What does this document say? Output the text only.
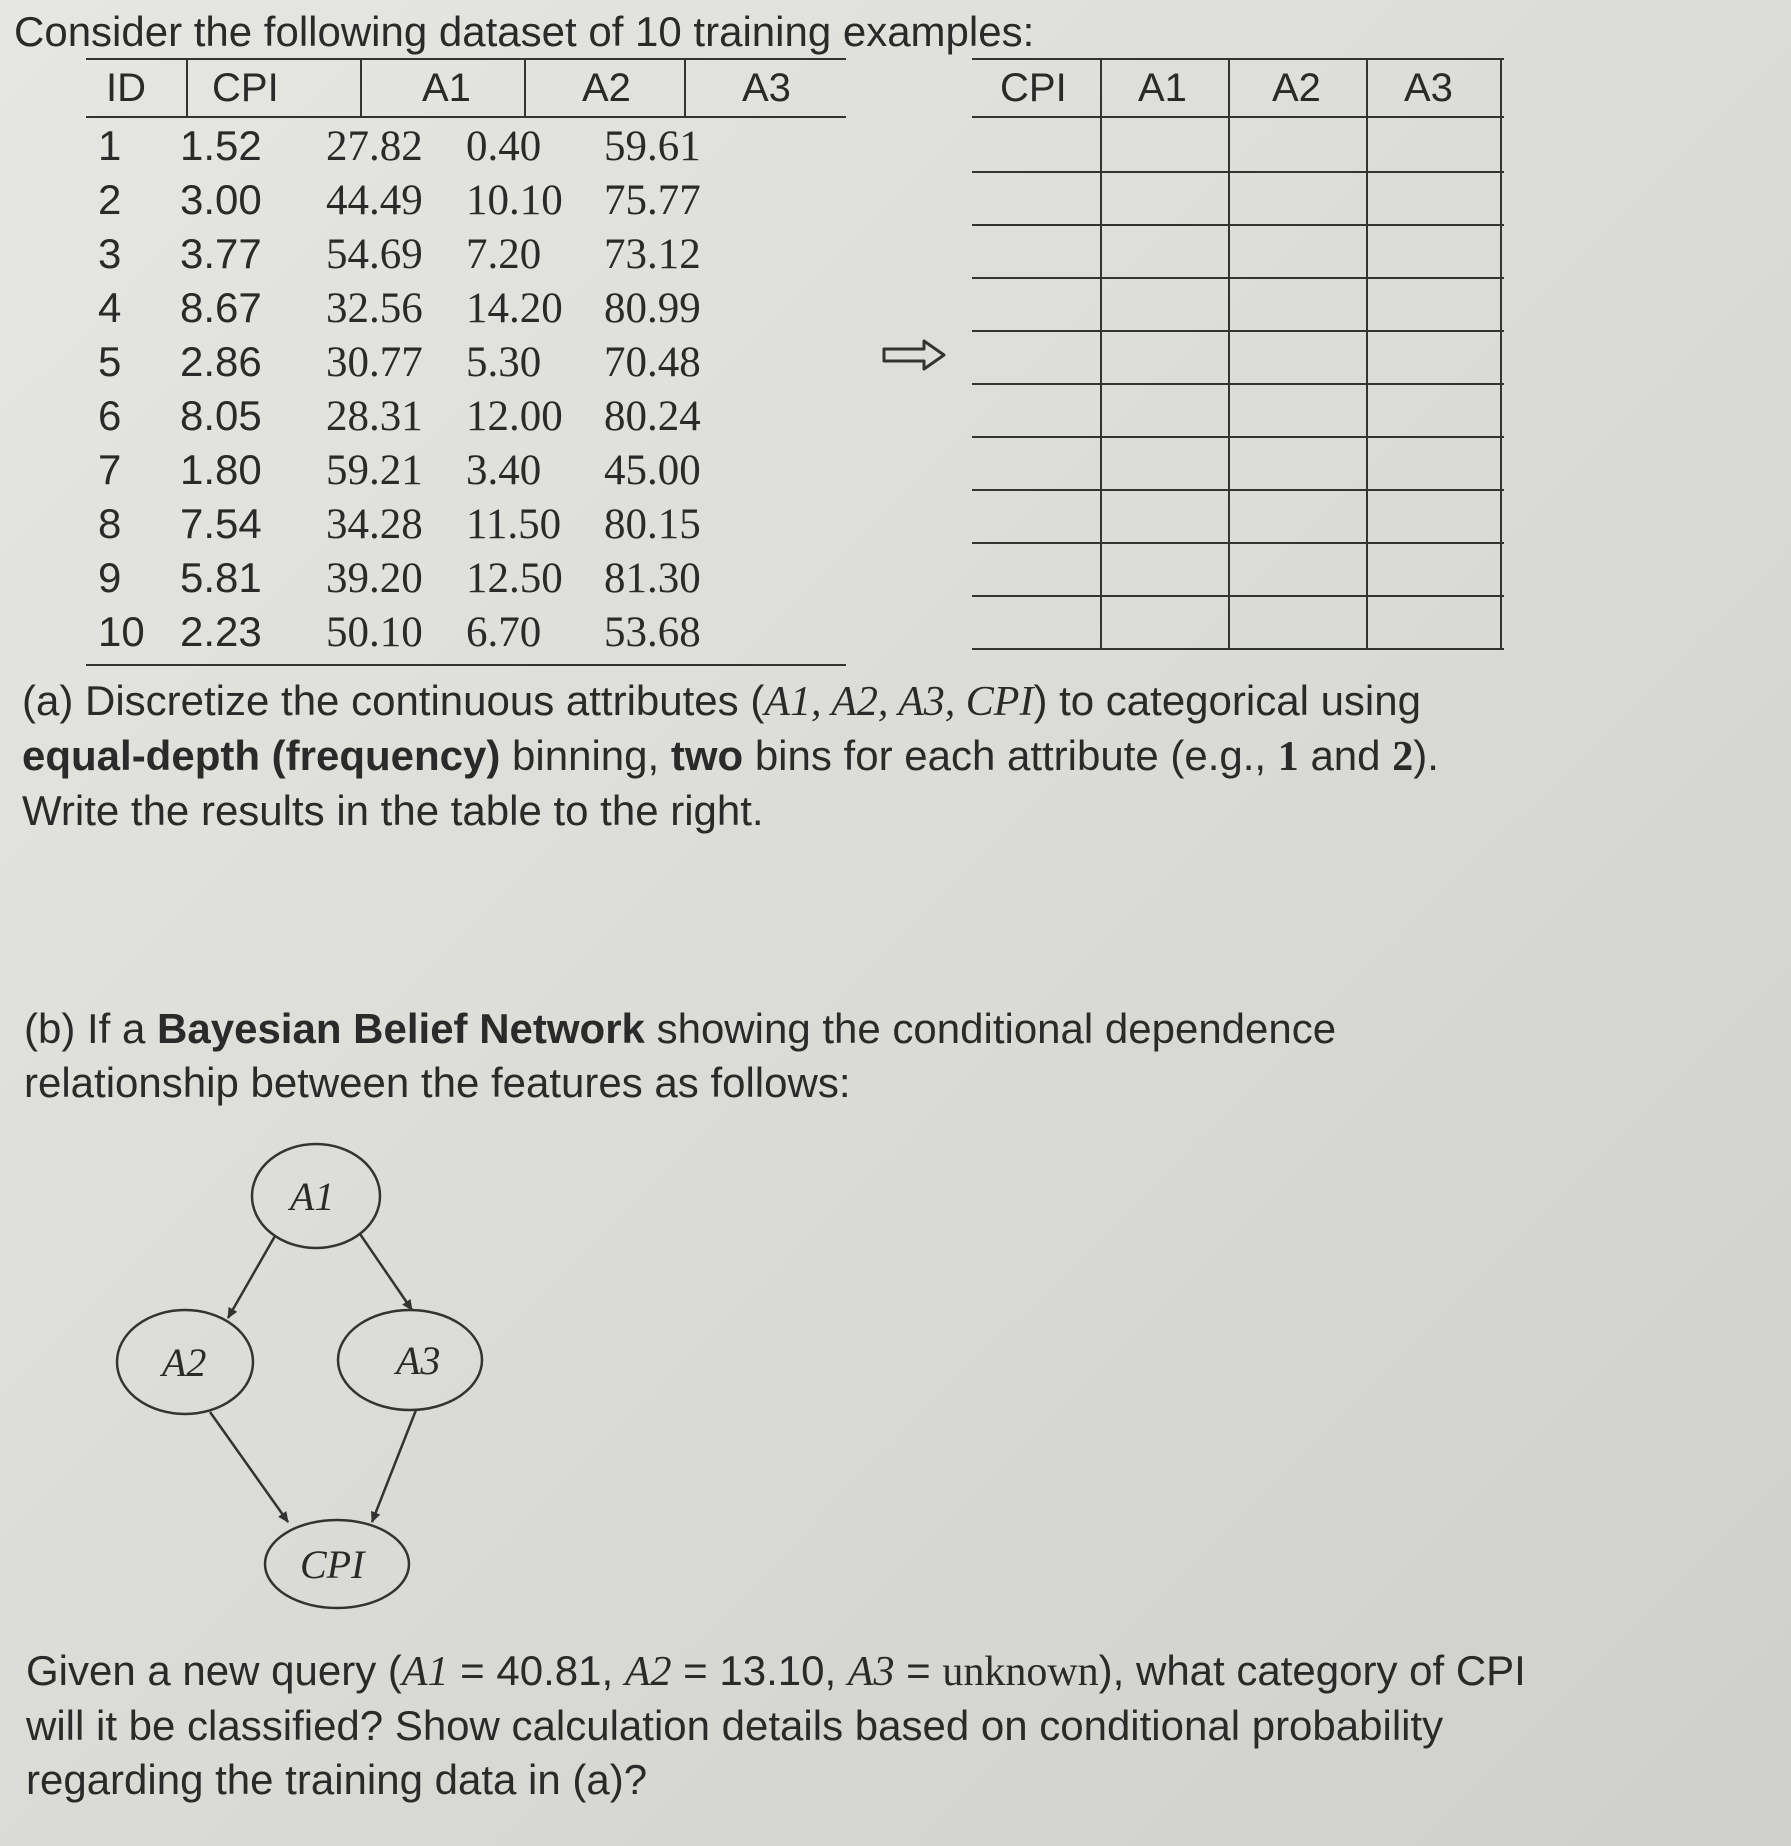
Consider the following dataset of 10 training examples:
ID CPI	A1	A2	A3
1 1.52 27.82 0.40 59.61
2 3.00 44.49 10.10 75.77
3 3.77 54.69 7.20 73.12
4 8.67 32.56 14.20 80.99
5 2.86 30.77 5.30 70.48
6 8.05 28.31 12.00 80.24
7 1.80 59.21 3.40 45.00
8 7.54 34.28 11.50 80.15
9 5.81 39.20 12.50 81.30
10 2.23 50.10 6.70 53.68
CPI A1 A2 A3
(a) Discretize the continuous attributes (A1, A2, A3, CPI) to categorical using
equal-depth (frequency) binning, two bins for each attribute (e.g., 1 and 2).
Write the results in the table to the right.
(b) If a Bayesian Belief Network showing the conditional dependence
relationship between the features as follows:
A1
A2	A3
CPI
Given a new query (A1 = 40.81, A2 = 13.10, A3 = unknown), what category of CPI
will it be classified? Show calculation details based on conditional probability
regarding the training data in (a)?
